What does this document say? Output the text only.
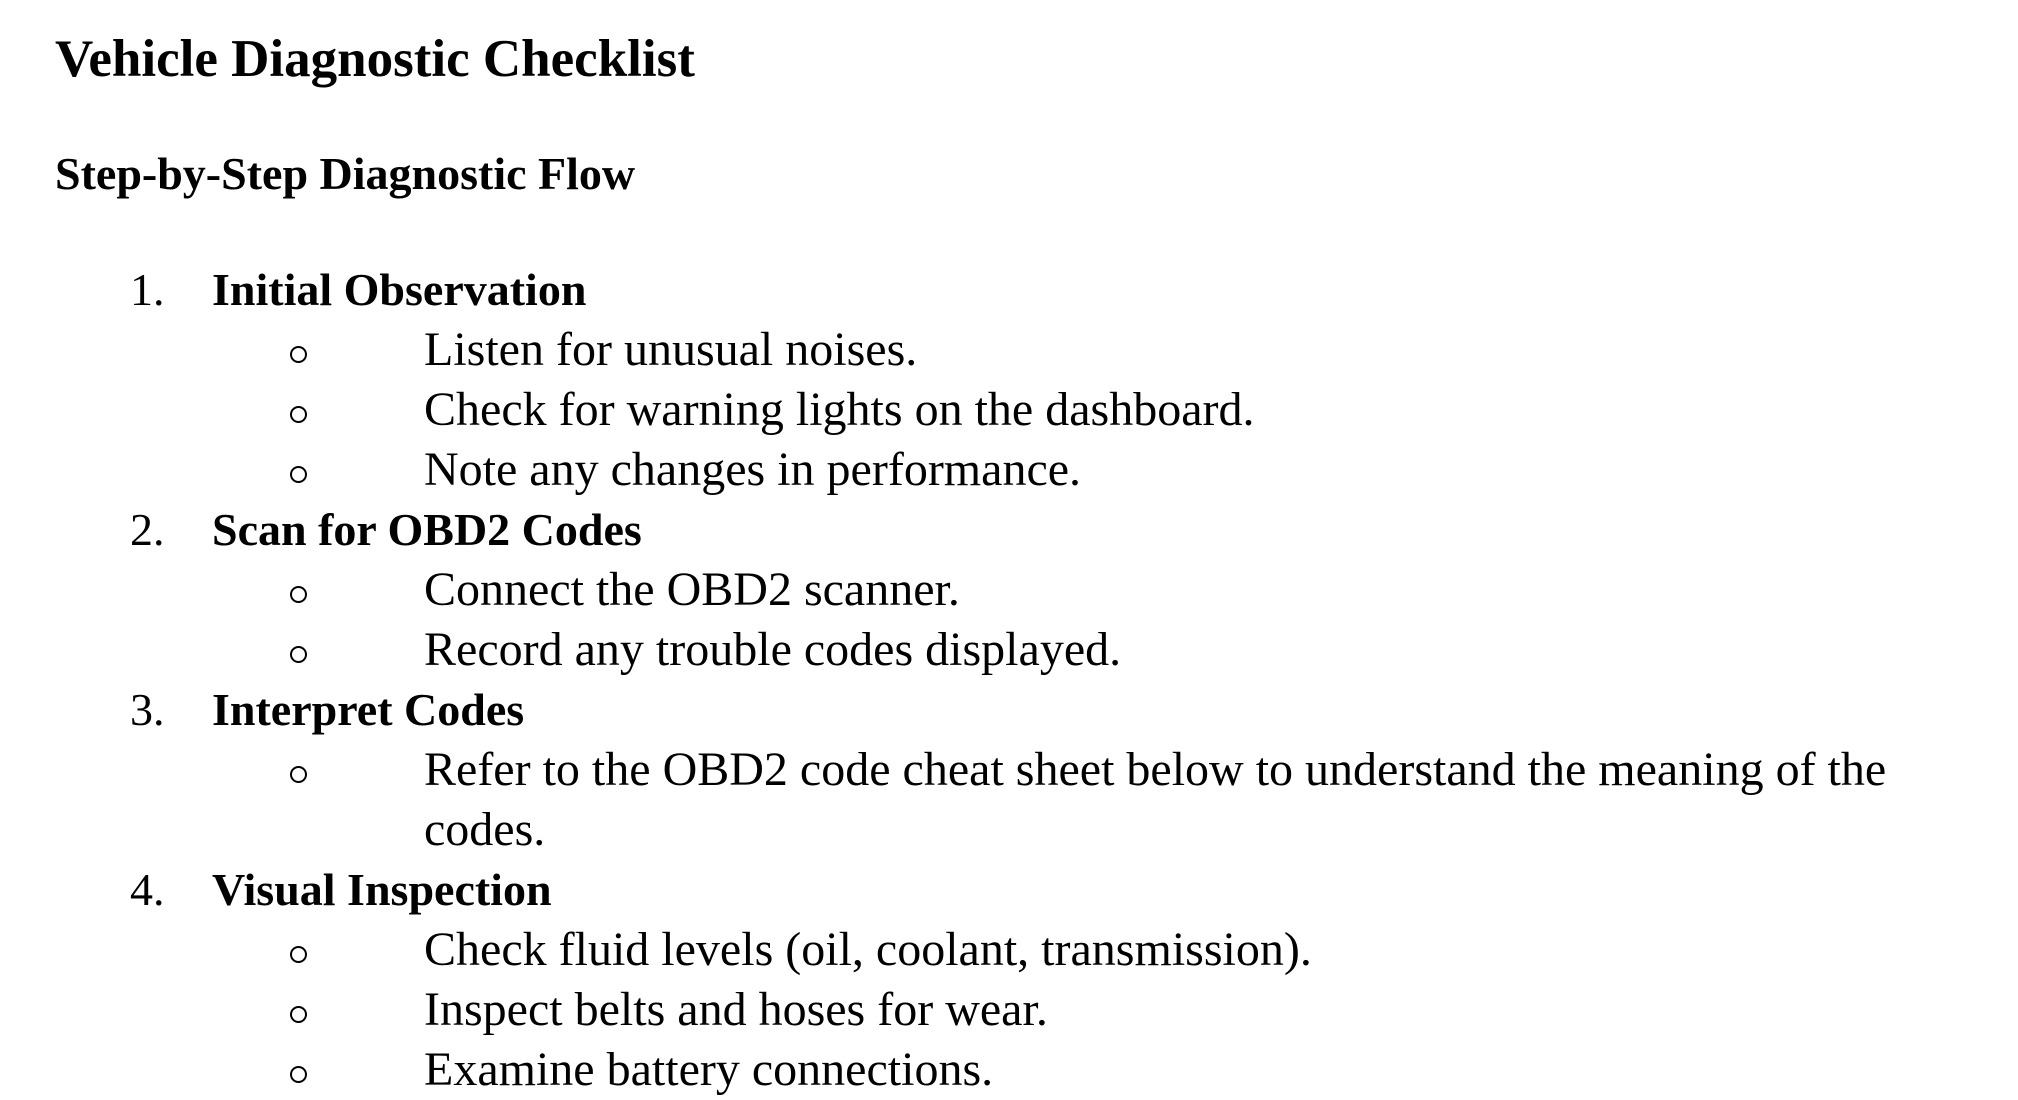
Vehicle Diagnostic Checklist
Step-by-Step Diagnostic Flow
1. Initial Observation
Listen for unusual noises.
Check for warning lights on the dashboard.
Note any changes in performance.
2. Scan for OBD2 Codes
Connect the OBD2 scanner.
Record any trouble codes displayed.
3. Interpret Codes
Refer to the OBD2 code cheat sheet below to understand the meaning of the codes.
4. Visual Inspection
Check fluid levels (oil, coolant, transmission).
Inspect belts and hoses for wear.
Examine battery connections.
